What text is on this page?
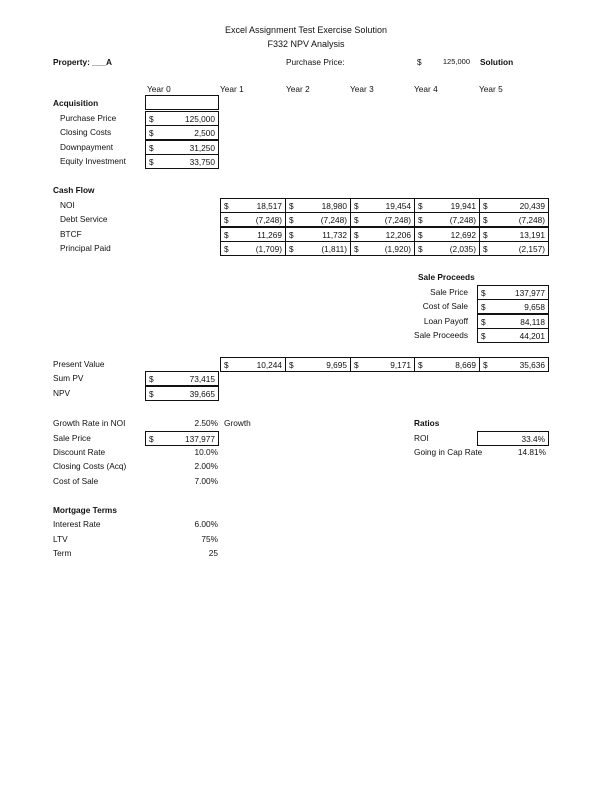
Excel Assignment Test Exercise Solution
F332 NPV Analysis
Property: ___A	Purchase Price:	$	125,000 Solution
Year 0	Year 1	Year 2	Year 3	Year 4	Year 5
Acquisition
Purchase Price	$	125,000
Closing Costs	$	2,500
Downpayment	$	31,250
Equity Investment	$	33,750
Cash Flow
NOI	$	18,517 $	18,980 $	19,454 $	19,941 $	20,439
Debt Service	$	(7,248) $	(7,248) $	(7,248) $	(7,248) $	(7,248)
BTCF	$	11,269 $	11,732 $	12,206 $	12,692 $	13,191
Principal Paid	$	(1,709) $	(1,811) $	(1,920) $	(2,035) $	(2,157)
Sale Proceeds
Sale Price $	137,977
Cost of Sale $	9,658
Loan Payoff $	84,118
Sale Proceeds $	44,201
Present Value	$	10,244 $	9,695 $	9,171 $	8,669 $	35,636
Sum PV	$	73,415
NPV	$	39,665
Growth Rate in NOI	2.50% Growth
Sale Price	$	137,977
Discount Rate	10.0%
Closing Costs (Acq)	2.00%
Cost of Sale	7.00%
Mortgage Terms
Interest Rate	6.00%
LTV	75%
Term	25
Ratios
ROI	33.4%
Going in Cap Rate	14.81%
